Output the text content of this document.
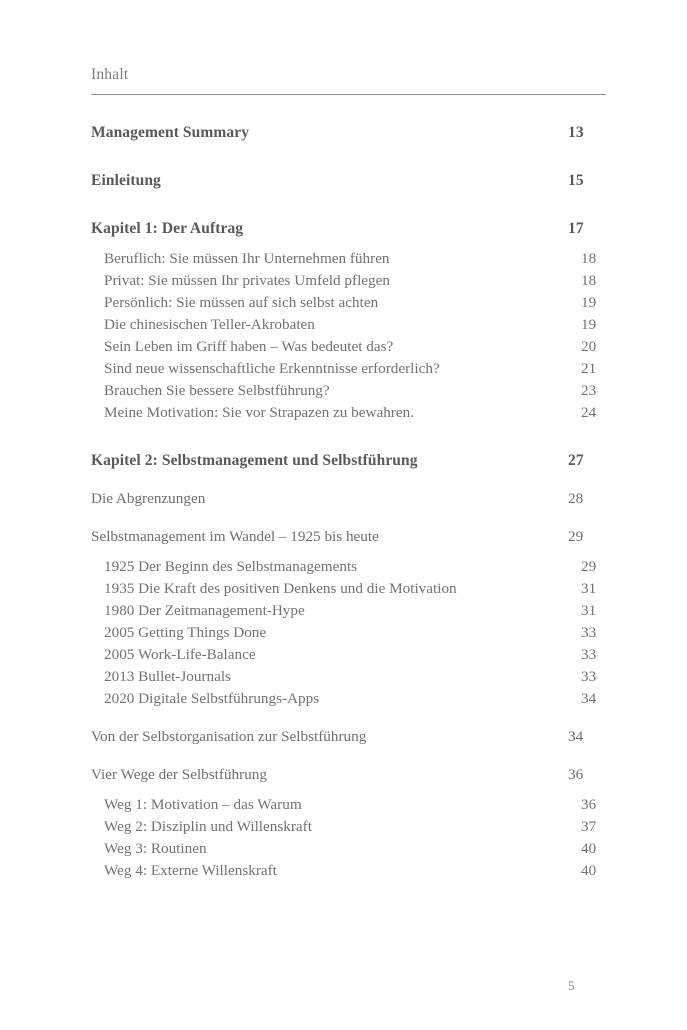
Inhalt
Management Summary	13
Einleitung	15
Kapitel 1: Der Auftrag	17
Beruflich: Sie müssen Ihr Unternehmen führen	18
Privat: Sie müssen Ihr privates Umfeld pflegen	18
Persönlich: Sie müssen auf sich selbst achten	19
Die chinesischen Teller-Akrobaten	19
Sein Leben im Griff haben – Was bedeutet das?	20
Sind neue wissenschaftliche Erkenntnisse erforderlich?	21
Brauchen Sie bessere Selbstführung?	23
Meine Motivation: Sie vor Strapazen zu bewahren.	24
Kapitel 2: Selbstmanagement und Selbstführung	27
Die Abgrenzungen	28
Selbstmanagement im Wandel – 1925 bis heute	29
1925 Der Beginn des Selbstmanagements	29
1935 Die Kraft des positiven Denkens und die Motivation	31
1980 Der Zeitmanagement-Hype	31
2005 Getting Things Done	33
2005 Work-Life-Balance	33
2013 Bullet-Journals	33
2020 Digitale Selbstführungs-Apps	34
Von der Selbstorganisation zur Selbstführung	34
Vier Wege der Selbstführung	36
Weg 1: Motivation – das Warum	36
Weg 2: Disziplin und Willenskraft	37
Weg 3: Routinen	40
Weg 4: Externe Willenskraft	40
5
